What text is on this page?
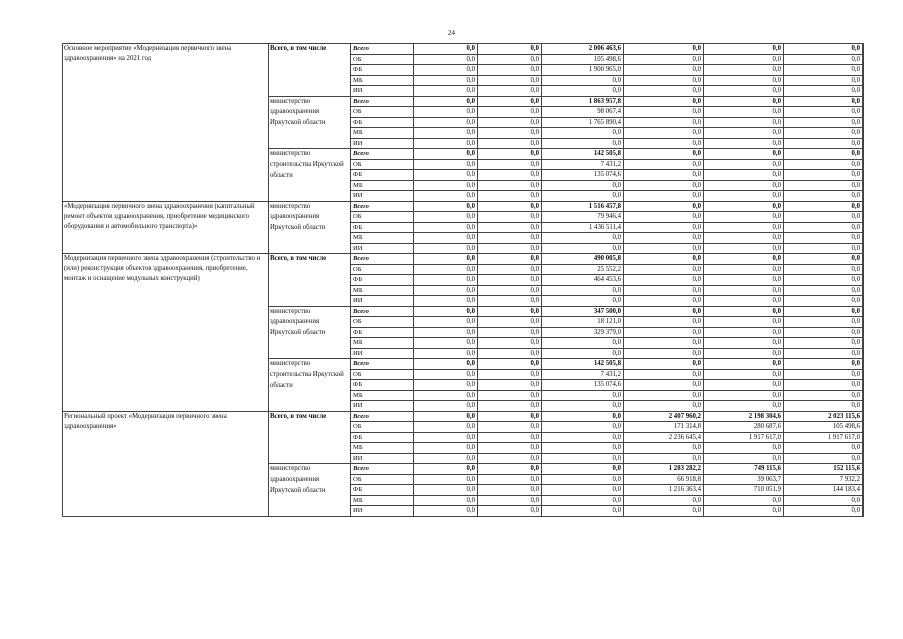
24
Основное мероприятие «Модернизация первичного звена здравоохранения» на 2021 год	Всего, в том числе	Всего	0,0	0,0	2 006 463,6	0,0	0,0	0,0	
		ОБ	0,0	0,0	105 498,6	0,0	0,0	0,0	
		ФБ	0,0	0,0	1 900 965,0	0,0	0,0	0,0	
		МБ	0,0	0,0	0,0	0,0	0,0	0,0	
		ИИ	0,0	0,0	0,0	0,0	0,0	0,0	
	министерство здравоохранения Иркутской области	Всего	0,0	0,0	1 863 957,8	0,0	0,0	0,0	
		ОБ	0,0	0,0	98 067,4	0,0	0,0	0,0	
		ФБ	0,0	0,0	1 765 890,4	0,0	0,0	0,0	
		МБ	0,0	0,0	0,0	0,0	0,0	0,0	
		ИИ	0,0	0,0	0,0	0,0	0,0	0,0	
	министерство строительства Иркутской области	Всего	0,0	0,0	142 505,8	0,0	0,0	0,0	
		ОБ	0,0	0,0	7 431,2	0,0	0,0	0,0	
		ФБ	0,0	0,0	135 074,6	0,0	0,0	0,0	
		МБ	0,0	0,0	0,0	0,0	0,0	0,0	
		ИИ	0,0	0,0	0,0	0,0	0,0	0,0	
«Модернизация первичного звена здравоохранения (капитальный ремонт объектов здравоохранения, приобретение медицинского оборудования и автомобильного транспорта)»	министерство здравоохранения Иркутской области	Всего	0,0	0,0	1 516 457,8	0,0	0,0	0,0	
		ОБ	0,0	0,0	79 946,4	0,0	0,0	0,0	
		ФБ	0,0	0,0	1 436 511,4	0,0	0,0	0,0	
		МБ	0,0	0,0	0,0	0,0	0,0	0,0	
		ИИ	0,0	0,0	0,0	0,0	0,0	0,0	
Модернизация первичного звена здравоохранения (строительство и (или) реконструкция объектов здравоохранения, приобретение, монтаж и оснащение модульных конструкций)	Всего, в том числе	Всего	0,0	0,0	490 005,8	0,0	0,0	0,0	
		ОБ	0,0	0,0	25 552,2	0,0	0,0	0,0	
		ФБ	0,0	0,0	464 453,6	0,0	0,0	0,0	
		МБ	0,0	0,0	0,0	0,0	0,0	0,0	
		ИИ	0,0	0,0	0,0	0,0	0,0	0,0	
	министерство здравоохранения Иркутской области	Всего	0,0	0,0	347 500,0	0,0	0,0	0,0	
		ОБ	0,0	0,0	18 121,0	0,0	0,0	0,0	
		ФБ	0,0	0,0	329 379,0	0,0	0,0	0,0	
		МБ	0,0	0,0	0,0	0,0	0,0	0,0	
		ИИ	0,0	0,0	0,0	0,0	0,0	0,0	
	министерство строительства Иркутской области	Всего	0,0	0,0	142 505,8	0,0	0,0	0,0	
		ОБ	0,0	0,0	7 431,2	0,0	0,0	0,0	
		ФБ	0,0	0,0	135 074,6	0,0	0,0	0,0	
		МБ	0,0	0,0	0,0	0,0	0,0	0,0	
		ИИ	0,0	0,0	0,0	0,0	0,0	0,0	
Региональный проект «Модернизация первичного звена здравоохранения»	Всего, в том числе	Всего	0,0	0,0	0,0	2 407 960,2	2 198 304,6	2 023 115,6	
		ОБ	0,0	0,0	0,0	171 314,8	280 687,6	105 498,6	
		ФБ	0,0	0,0	0,0	2 236 645,4	1 917 617,0	1 917 617,0	
		МБ	0,0	0,0	0,0	0,0	0,0	0,0	
		ИИ	0,0	0,0	0,0	0,0	0,0	0,0	
	министерство здравоохранения Иркутской области	Всего	0,0	0,0	0,0	1 283 282,2	749 115,6	152 115,6	
		ОБ	0,0	0,0	0,0	66 918,8	39 063,7	7 932,2	
		ФБ	0,0	0,0	0,0	1 216 363,4	710 051,9	144 183,4	
		МБ	0,0	0,0	0,0	0,0	0,0	0,0	
		ИИ	0,0	0,0	0,0	0,0	0,0	0,0	
